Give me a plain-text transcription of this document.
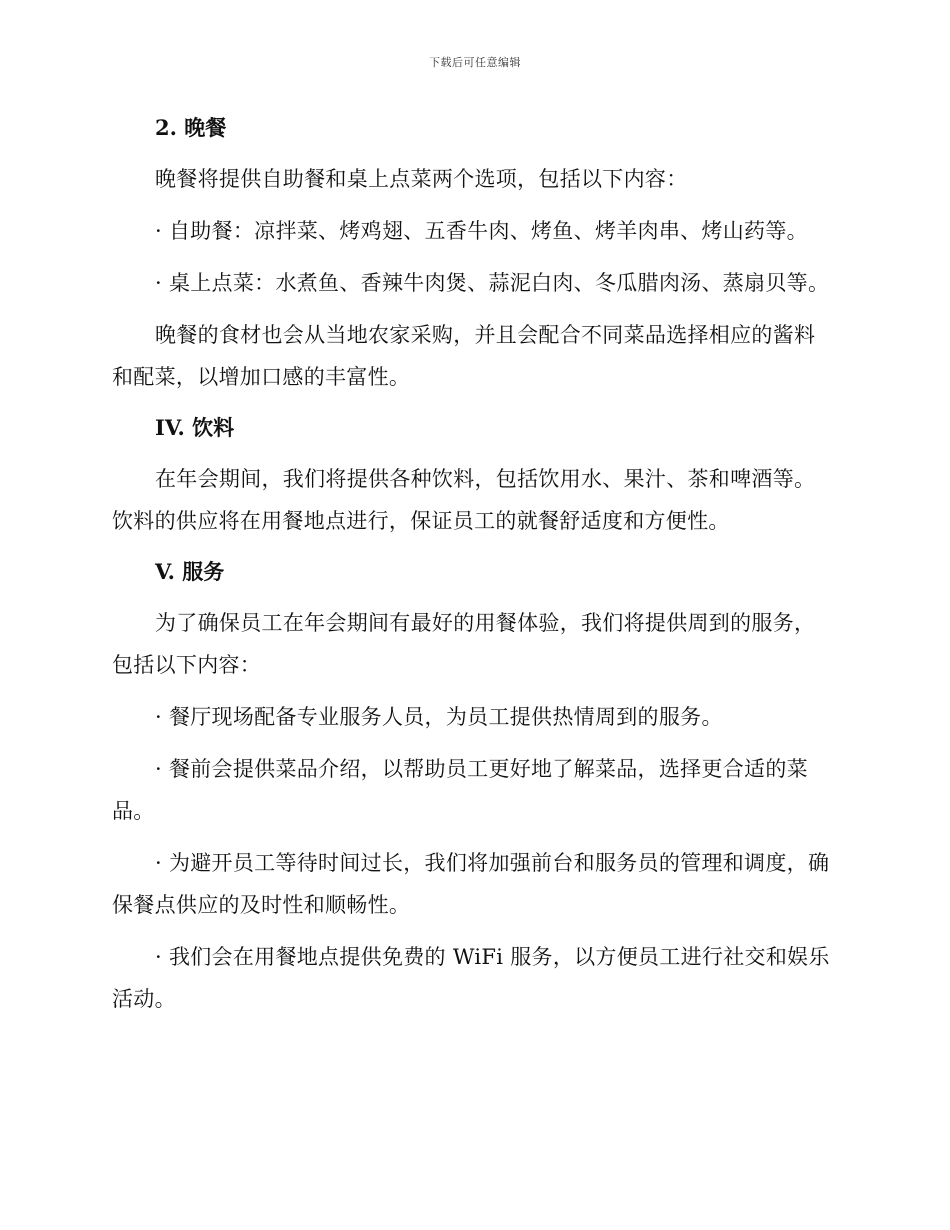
下载后可任意编辑
2. 晚餐

晚餐将提供自助餐和桌上点菜两个选项，包括以下内容：

· 自助餐：凉拌菜、烤鸡翅、五香牛肉、烤鱼、烤羊肉串、烤山药等。

· 桌上点菜：水煮鱼、香辣牛肉煲、蒜泥白肉、冬瓜腊肉汤、蒸扇贝等。

晚餐的食材也会从当地农家采购，并且会配合不同菜品选择相应的酱料和配菜，以增加口感的丰富性。

IV. 饮料

在年会期间，我们将提供各种饮料，包括饮用水、果汁、茶和啤酒等。饮料的供应将在用餐地点进行，保证员工的就餐舒适度和方便性。

V. 服务

为了确保员工在年会期间有最好的用餐体验，我们将提供周到的服务，包括以下内容：

· 餐厅现场配备专业服务人员，为员工提供热情周到的服务。

· 餐前会提供菜品介绍，以帮助员工更好地了解菜品，选择更合适的菜品。

· 为避开员工等待时间过长，我们将加强前台和服务员的管理和调度，确保餐点供应的及时性和顺畅性。

· 我们会在用餐地点提供免费的 WiFi 服务，以方便员工进行社交和娱乐活动。
